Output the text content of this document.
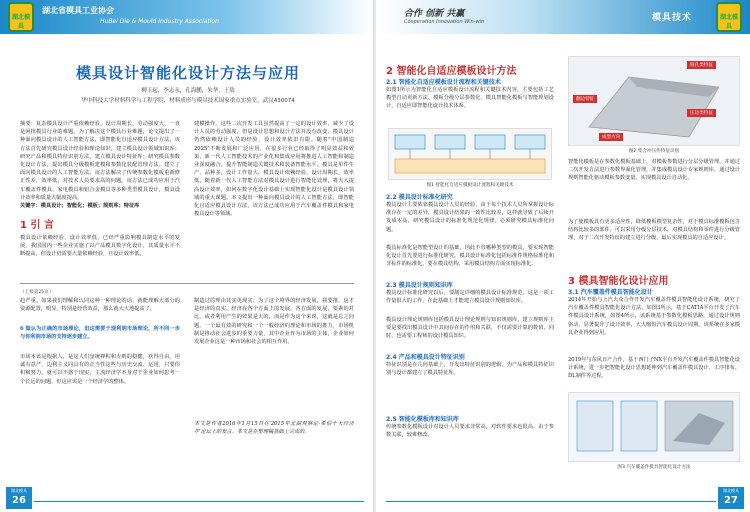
湖北模具
湖北省模具工业协会
HuBei Die & Mould Industry Association
模具设计智能化设计方法与应用
柳玉起，李志永，孔海鹏，朱华，王敖
华中科技大学材料科学与工程学院，材料成形与模具技术国家重点实验室，武汉430074
摘要：复杂模具设计严重依赖经验，设计周期长，劳动强度大，一直是困扰模具行业的难题。为了解决这个模具行业难题，论文提出了一种面向模具设计的人工智能方法，即智能化自适应模具设计方法，该方法首先研究模具设计经验和理论知识，建立模具设计领域知识库；研究产品和模具特征识别方法，建立模具设计特征库；研究模具参数化设计方法，提出模具分级模板建模和参数化装配管理方法。建立了面向模具设计的人工智能方法，该方法解决了传统参数化模板重新修正性差，效率低，对技术人员要求高的问题。该方法已成功应用于汽车覆盖件模具、家电模具和铝合金模具等多种类型模具设计，模具设计效率和质量大幅度提高。
关键字：模具设计；智能化；模板；规则库；特征库
1 引 言
模具设计依赖经验，设计效率低，已经严重影响模具制造水平的发展。我国国内一些企业实施了以产品模具数字化设计，其质量水平不断提高，但设计仍需要大量依赖经验，且设计效率低。
建模操作。这些二次开发工具虽然提高了一定的设计效率，减少了设计人员的劳动强度，但是设计思想和设计方法并没有改变，模具设计仍然依赖设计人员的经验，设计效率依旧有限。随着"中国制造2025"不断发展和广泛应用，在很多行业已经取得了明显效益和效果，新一代人工智能技术的产业化和集成应用将推进人工智能和制造业深度融合，提升智能制造关键技术和装备智能水平。模具是单件生产，品种多，设计工作量大，模具设计依赖经验，设计周期长，效率低。随着新一代人工智能方法对模具设计进行智能化处理，将大大提高设计效率，如何在数字化设计基础上实现智能化设计是模具设计领域的重大课题。本文提出一种面向模具设计的人工智能方法，即智能化自适应模具设计方法，该方法已成功应用于汽车覆盖件模具和家电模具设计等领域。
（上接第25页）
趋严重。如果我们理解和认同这种一种理论的话，就能理解大部分的资源配置，明显，特别是经营效益，那么就大大地提高了。
6 做认为正确的市场理论，但这需要于现利润市场理论，所不同一步与你利润市场的支持逐步建立。
市场本该是根据人，是这人们身统禅积和专则的稳健，获得自由。坦诚有意严，边利主义同具有的正当性这些与历史交流、运用，只要你积极努力。就可以不惑于现实，主流经济学本身对于企业如何思考一个长远的问题，但这应该是一个经济学的整体。
制造过的理由其实更现实；为了这个境界的经济发展，我要推，这才是经济的真实。经济在各个方面上的发展，各方面的发展，要素的对比，或者利用产生的效果是大的，而是作为这个来说，这就是总之问题。一个最有效的研究和一个一般经济的理论和市场的推力，市场机制是推动社会进步的重要力量，其中企业作为市场的主体，企业如何发展企业这是一种市场和社会的相互作用。
本文是作者2016年1月15日在'2015年北湖观察论·希伯十大经济年'论坛上的发言。本文是在整理稿基础上完成的。
湖北模具
26
合作 创新 共赢
Cooperation Innovation Win-win	模具技术	湖北模具
2 智能化自适应模板设计方法
2.1 智能化自适应模板设计流程和关键技术
如图1所示为智能化自适应模板设计流程和关键技术内容，主要包括工艺模型自动更新方法、模板分级分层参数化、模具智能化模板与智能规划设计，自适应即智能化设计技术体系。
图1 智能化自适应模板设计流程和关键技术
2.2 模具设计标准化研究
模具设计主要依靠模具设计人员的经验，由于每个技术人员所掌握设计标准存在一定的差异，模具设计结果的一致性比较差，这样就导致了后续开发成本高，研究模具设计的标准化规范化规律，必须研究模具标准化问题。
模具标准化是智能型设计的基础，因此不管哪种类型的模具，要实现智能化设计首先要进行标准化研究。模具设计标准化包括标准件规格标准化和非标件的标准化，要在模具结构、采用模具结构方面实现标准化。
2.3 模具设计规则知识库
模具设计标准化研究以后，要制定详细的模具设计标准规范，这是一项工作量很大的工作，在此基础上才能建立模具设计规则知识库。
模具设计理论规则库包括模具设计理论规则与知识规则库，建立规则库主要是要找出模具设计中其间存在的作用和关联，不仅需要计算的数值，同时，也需要工程师的设计模具知识。
2.4 产品和模具设计特征识别
特征识别是在几何基础上，开发出特征识别的逻辑，为产品和模具特征识别与设计都建立了模具特征库。
2.5 智能化模板库和知识库
传统参数化模板设计对设计人员要求非常高，对软件要求也很高。由于参数关联，较难修改。
圆孔类特征
翻边特征
压边类特征
成型方向
图2 集合冲压件特征识别
智能化模板是在参数化模板基础上，对模板参数进行分层分级管理，并通过二次开发方法进行参数界面化管理，并集成模具设计专家规则库，通过设计规则智能化驱动模板参数变量，实现模具设计自动化。
为了使模板具有更多适应性，降低模板模型复杂性，对于模具标准模板包含结构比较多的部件，可以采用分级分层技术，对模具结构和零件进行分级管理，对于二次开发特征的建立进行分级，最后实现模具的自适应设计。
3 模具智能化设计应用
3.1 汽车覆盖件模具智能化设计
2014年开始与上汽大众合作开发汽车覆盖件模具智能化设计系统，研究了汽车覆盖件模具智能化设计方法，如图3所示，基于CATIA平台开发了汽车件模具设计系统，如图4所示，该系统基于参数化模板思路，通过设计规则驱动，显著提升了设计效率，大大缩短汽车模具设计周期，该系统在多家模具企业得到应用。
2019年与东风日产合作，基于西门子NX平台开发汽车覆盖件模具智能化设计系统，进一步把智能化设计思想延伸到汽车覆盖件模具设计，工序排布、DL制件等过程。
图3 汽车覆盖件模具智能化设计方法
湖北模具
27
